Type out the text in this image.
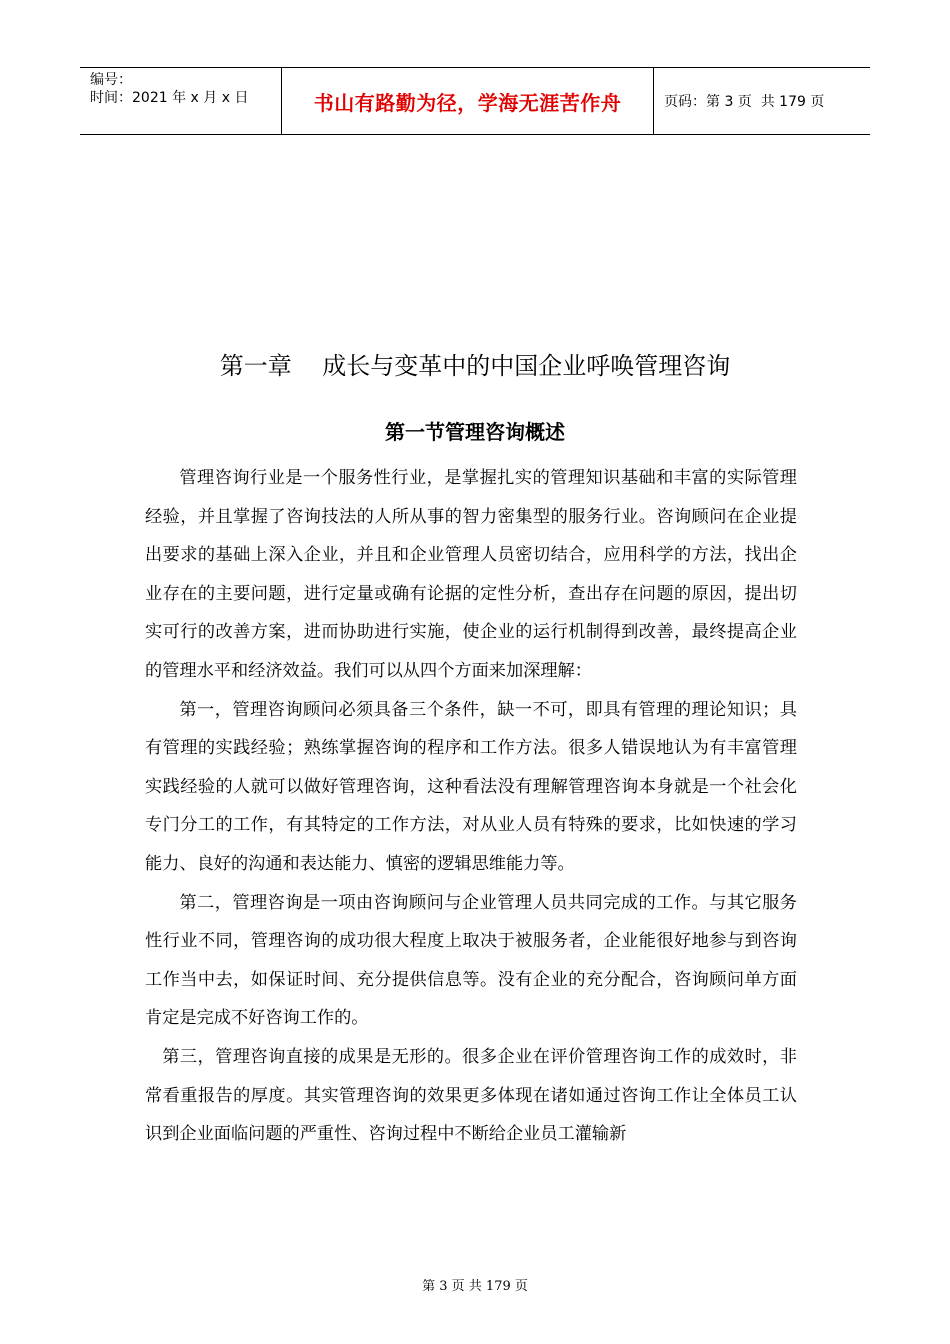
编号：
时间：2021 年 x 月 x 日	书山有路勤为径，学海无涯苦作舟	页码：第 3 页  共 179 页
第一章    成长与变革中的中国企业呼唤管理咨询
第一节管理咨询概述

管理咨询行业是一个服务性行业，是掌握扎实的管理知识基础和丰富的实际管理经验，并且掌握了咨询技法的人所从事的智力密集型的服务行业。咨询顾问在企业提出要求的基础上深入企业，并且和企业管理人员密切结合，应用科学的方法，找出企业存在的主要问题，进行定量或确有论据的定性分析，查出存在问题的原因，提出切实可行的改善方案，进而协助进行实施，使企业的运行机制得到改善，最终提高企业的管理水平和经济效益。我们可以从四个方面来加深理解：

第一，管理咨询顾问必须具备三个条件，缺一不可，即具有管理的理论知识；具有管理的实践经验；熟练掌握咨询的程序和工作方法。很多人错误地认为有丰富管理实践经验的人就可以做好管理咨询，这种看法没有理解管理咨询本身就是一个社会化专门分工的工作，有其特定的工作方法，对从业人员有特殊的要求，比如快速的学习能力、良好的沟通和表达能力、慎密的逻辑思维能力等。

第二，管理咨询是一项由咨询顾问与企业管理人员共同完成的工作。与其它服务性行业不同，管理咨询的成功很大程度上取决于被服务者，企业能很好地参与到咨询工作当中去，如保证时间、充分提供信息等。没有企业的充分配合，咨询顾问单方面肯定是完成不好咨询工作的。

第三，管理咨询直接的成果是无形的。很多企业在评价管理咨询工作的成效时，非常看重报告的厚度。其实管理咨询的效果更多体现在诸如通过咨询工作让全体员工认识到企业面临问题的严重性、咨询过程中不断给企业员工灌输新

第 3 页 共 179 页
